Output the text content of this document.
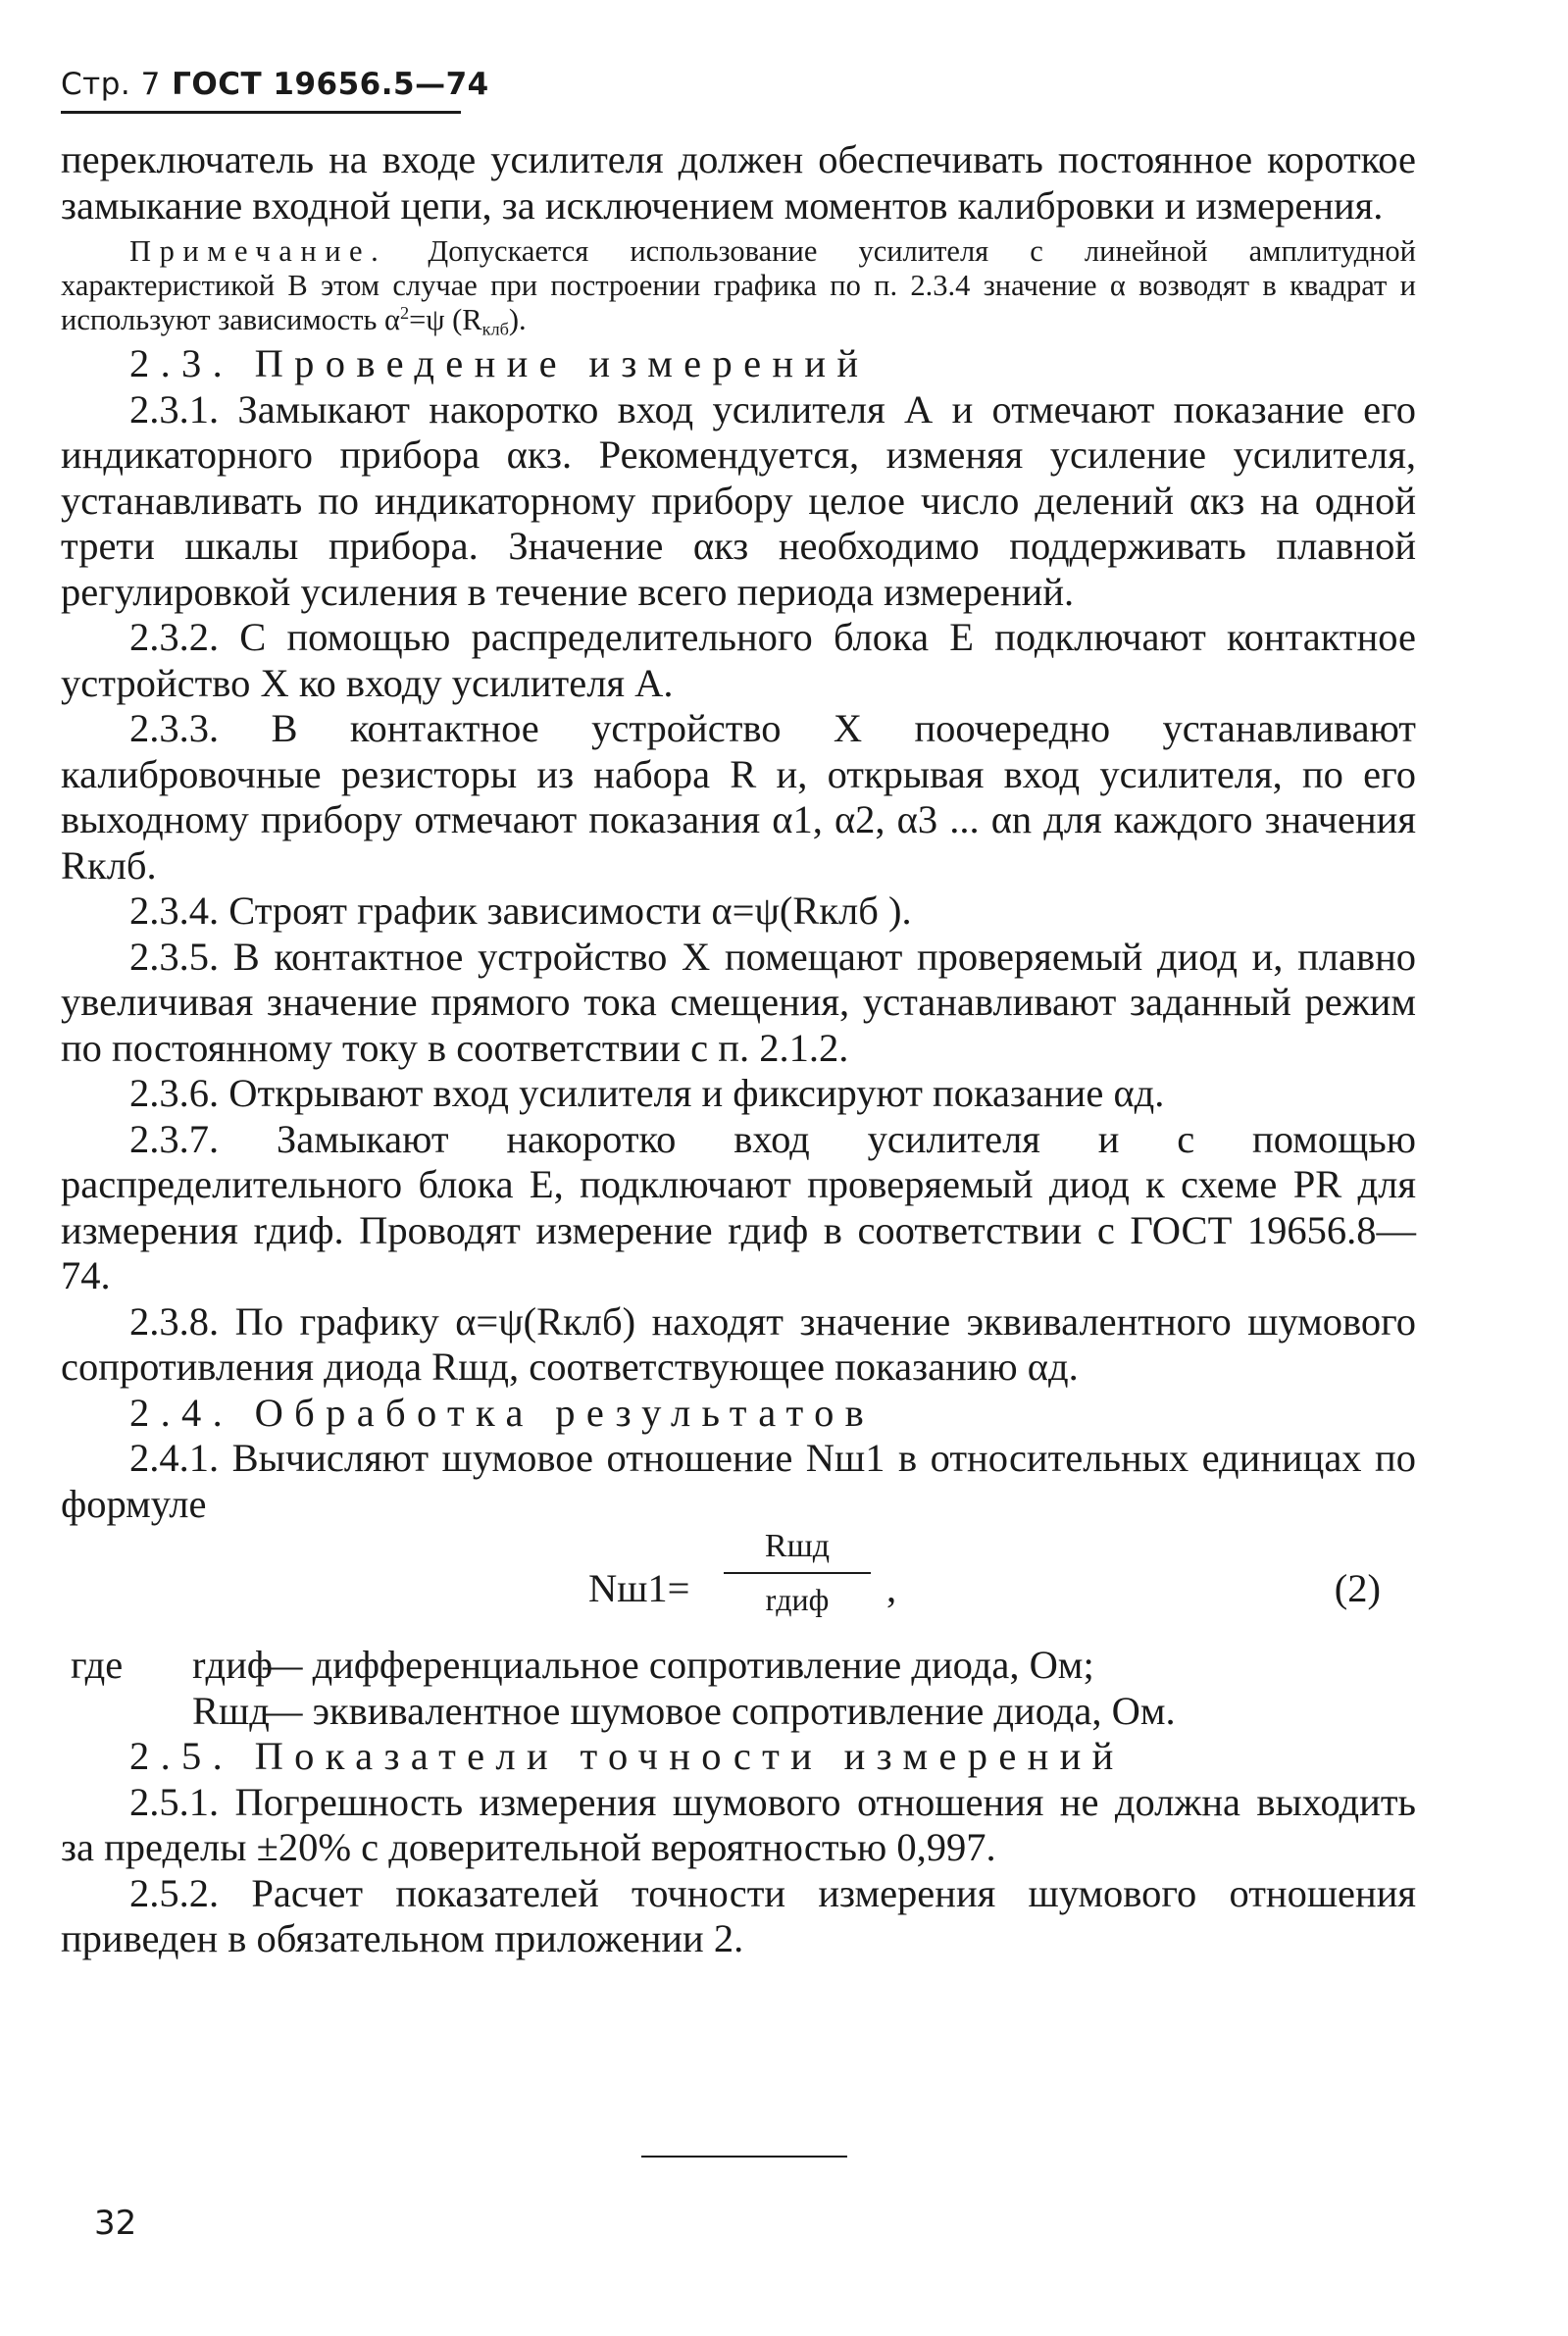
Стр. 7 ГОСТ 19656.5—74

переключатель на входе усилителя должен обеспечивать постоянное короткое замыкание входной цепи, за исключением моментов калибровки и измерения.

Примечание. Допускается использование усилителя с линейной амплитудной характеристикой В этом случае при построении графика по п. 2.3.4 значение α возводят в квадрат и используют зависимость $\alpha^2=\psi$ $(R_{клб})$.

2.3. Проведение измерений

2.3.1. Замыкают накоротко вход усилителя А и отмечают показание его индикаторного прибора αкз. Рекомендуется, изменяя усиление усилителя, устанавливать по индикаторному прибору целое число делений αкз на одной трети шкалы прибора. Значение αкз необходимо поддерживать плавной регулировкой усиления в течение всего периода измерений.

2.3.2. С помощью распределительного блока Е подключают контактное устройство Х ко входу усилителя А.

2.3.3. В контактное устройство Х поочередно устанавливают калибровочные резисторы из набора R и, открывая вход усилителя, по его выходному прибору отмечают показания α1, α2, α3 ... αn для каждого значения Rклб.

2.3.4. Строят график зависимости α=ψ(Rклб ).

2.3.5. В контактное устройство Х помещают проверяемый диод и, плавно увеличивая значение прямого тока смещения, устанавливают заданный режим по постоянному току в соответствии с п. 2.1.2.

2.3.6. Открывают вход усилителя и фиксируют показание αд.

2.3.7. Замыкают накоротко вход усилителя и с помощью распределительного блока Е, подключают проверяемый диод к схеме PR для измерения rдиф. Проводят измерение rдиф в соответствии с ГОСТ 19656.8—74.

2.3.8. По графику α=ψ(Rклб) находят значение эквивалентного шумового сопротивления диода Rшд, соответствующее показанию αд.

2.4. Обработка результатов

2.4.1. Вычисляют шумовое отношение Nш1 в относительных единицах по формуле

Nш1=
Rшд
rдиф	,	(2)
где rдиф
— дифференциальное сопротивление диода, Ом;
Rшд
— эквивалентное шумовое сопротивление диода, Ом.

2.5. Показатели точности измерений

2.5.1. Погрешность измерения шумового отношения не должна выходить за пределы ±20% с доверительной вероятностью 0,997.

2.5.2. Расчет показателей точности измерения шумового отношения приведен в обязательном приложении 2.

32
